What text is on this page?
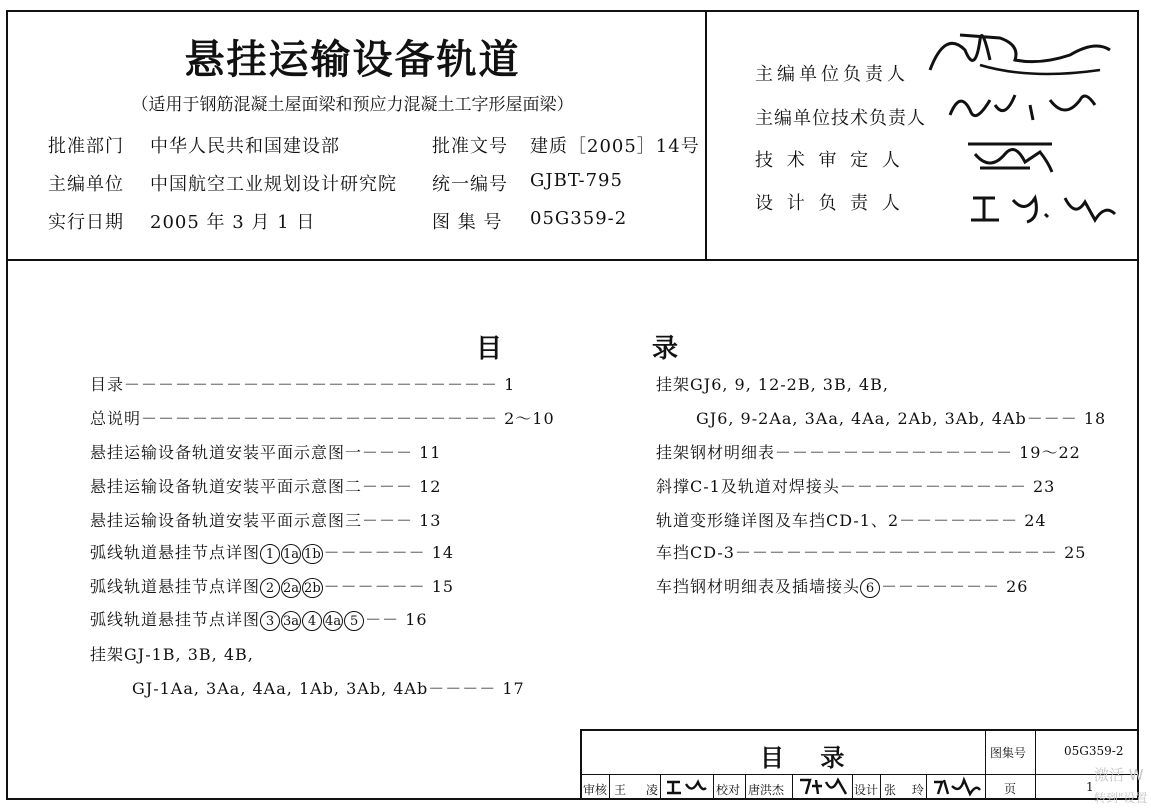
悬挂运输设备轨道
（适用于钢筋混凝土屋面梁和预应力混凝土工字形屋面梁）
批准部门 中华人民共和国建设部	批准文号 建质［2005］14号
主编单位 中国航空工业规划设计研究院 统一编号 GJBT-795
实行日期 2005 年 3 月 1 日	图 集 号 05G359-2
主编单位负责人
主编单位技术负责人
技 术 审 定 人
设 计 负 责 人
目	录
目录－－－－－－－－－－－－－－－－－－－－－－ 1
总说明－－－－－－－－－－－－－－－－－－－－－ 2～10
悬挂运输设备轨道安装平面示意图一－－－ 11
悬挂运输设备轨道安装平面示意图二－－－ 12
悬挂运输设备轨道安装平面示意图三－－－ 13
弧线轨道悬挂节点详图 1 1a 1b －－－－－－ 14
弧线轨道悬挂节点详图 2 2a 2b －－－－－－ 15
弧线轨道悬挂节点详图 3 3a 4 4a 5 －－ 16
挂架GJ-1B, 3B, 4B,
GJ-1Aa, 3Aa, 4Aa, 1Ab, 3Ab, 4Ab－－－－ 17
挂架GJ6, 9, 12-2B, 3B, 4B,
GJ6, 9-2Aa, 3Aa, 4Aa, 2Ab, 3Ab, 4Ab－－－ 18
挂架钢材明细表－－－－－－－－－－－－－－ 19～22
斜撑C-1及轨道对焊接头－－－－－－－－－－－ 23
轨道变形缝详图及车挡CD-1、2－－－－－－－ 24
车挡CD-3－－－－－－－－－－－－－－－－－－－ 25
车挡钢材明细表及插墙接头 6 －－－－－－－ 26
目 录	图集号	05G359-2
页	1
审核 王 凌	校对 唐洪杰	设计 张 玲
激活 W
转到"设置
